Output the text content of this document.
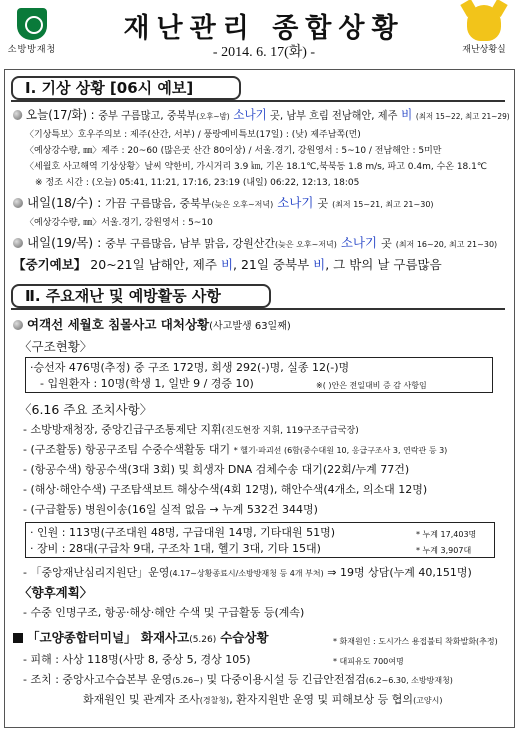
소방방재청
재난관리 종합상황
- 2014. 6. 17(화) -	재난상황실
Ⅰ. 기상 상황 [06시 예보]
오늘(17/화) : 중부 구름많고, 중북부(오후~밤) 소나기 곳, 남부 흐림 전남해안, 제주 비 (최저 15~22, 최고 21~29)
〈기상특보〉호우주의보 : 제주(산간, 서부) / 풍랑예비특보(17일) : (낮) 제주남쪽(먼)
〈예상강수량, ㎜〉제주 : 20~60 (많은곳 산간 80이상) / 서울.경기, 강원영서 : 5~10 / 전남해안 : 5미만
〈세월호 사고해역 기상상황〉날씨 약한비, 가시거리 3.9 ㎞, 기온 18.1℃,북북동 1.8 m/s, 파고 0.4m, 수온 18.1℃
※ 정조 시간 : (오늘) 05:41, 11:21, 17:16, 23:19 (내일) 06:22, 12:13, 18:05
내일(18/수) : 가끔 구름많음, 중북부(늦은 오후~저녁) 소나기 곳 (최저 15~21, 최고 21~30)
〈예상강수량, ㎜〉서울.경기, 강원영서 : 5~10
내일(19/목) : 중부 구름많음, 남부 맑음, 강원산간(늦은 오후~저녁) 소나기 곳 (최저 16~20, 최고 21~30)
【중기예보】 20~21일 남해안, 제주 비, 21일 중북부 비, 그 밖의 날 구름많음
Ⅱ. 주요재난 및 예방활동 사항
여객선 세월호 침몰사고 대처상황(사고발생 63일째)
〈구조현황〉
·승선자 476명(추정) 중 구조 172명, 희생 292(-)명, 실종 12(-)명
- 입원환자 : 10명(학생 1, 일반 9 / 경증 10)	※( )안은 전일대비 증 감 사항임
〈6.16 주요 조치사항〉
- 소방방재청장, 중앙긴급구조통제단 지휘(진도현장 지휘, 119구조구급국장)
- (구조활동) 항공구조팀 수중수색활동 대기 * 헬기·파괴선 (6함(중수대원 10, 응급구조사 3, 연락관 등 3)
- (항공수색) 항공수색(3대 3회) 및 희생자 DNA 검체수송 대기(22회/누계 77건)
- (해상·해안수색) 구조탐색보트 해상수색(4회 12명), 해안수색(4개소, 의소대 12명)
- (구급활동) 병원이송(16일 실적 없음 → 누계 532건 344명)
· 인원 : 113명(구조대원 48명, 구급대원 14명, 기타대원 51명)	* 누계 17,403명
· 장비 : 28대(구급차 9대, 구조차 1대, 헬기 3대, 기타 15대)	* 누계 3,907대
- 「중앙재난심리지원단」운영(4.17~상황종료시/소방방재청 등 4개 부처) ⇒ 19명 상담(누계 40,151명)
〈향후계획〉
- 수중 인명구조, 항공·해상·해안 수색 및 구급활동 등(계속)
「고양종합터미널」 화재사고(5.26) 수습상황	* 화재원인 : 도시가스 용접불티 착화발화(추정)
- 피해 : 사상 118명(사망 8, 중상 5, 경상 105)	* 대피유도 700여명
- 조치 : 중앙사고수습본부 운영(5.26~) 및 다중이용시설 등 긴급안전점검(6.2~6.30, 소방방재청)
화재원인 및 관계자 조사(경찰청), 환자지원반 운영 및 피해보상 등 협의(고양시)
